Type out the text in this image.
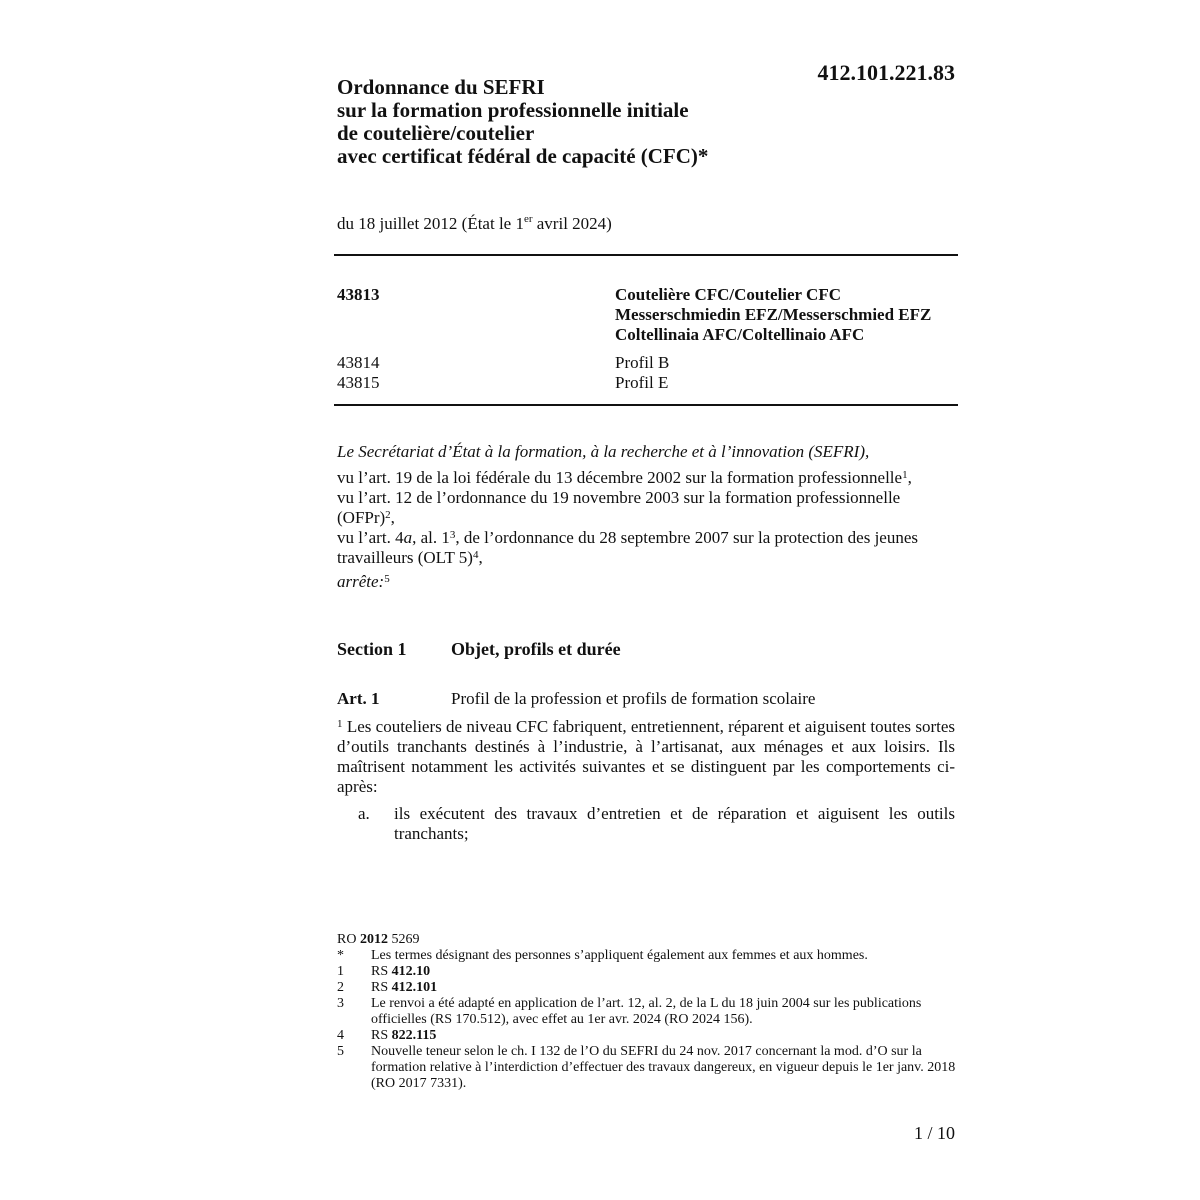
412.101.221.83
Ordonnance du SEFRI
sur la formation professionnelle initiale
de coutelière/coutelier
avec certificat fédéral de capacité (CFC)*
du 18 juillet 2012 (État le 1er avril 2024)
43813	Coutelière CFC/Coutelier CFC
Messerschmiedin EFZ/Messerschmied EFZ
Coltellinaia AFC/Coltellinaio AFC
43814	Profil B
43815	Profil E

Le Secrétariat d’État à la formation, à la recherche et à l’innovation (SEFRI),

vu l’art. 19 de la loi fédérale du 13 décembre 2002 sur la formation professionnelle$^1$,

vu l’art. 12 de l’ordonnance du 19 novembre 2003 sur la formation professionnelle (OFPr)$^2$,

vu l’art. 4a, al. 1$^3$, de l’ordonnance du 28 septembre 2007 sur la protection des jeunes travailleurs (OLT 5)$^4$,

arrête:$^5$

Section 1 Objet, profils et durée
Art. 1	Profil de la profession et profils de formation scolaire
$^1$ Les couteliers de niveau CFC fabriquent, entretiennent, réparent et aiguisent toutes sortes d’outils tranchants destinés à l’industrie, à l’artisanat, aux ménages et aux loisirs. Ils maîtrisent notamment les activités suivantes et se distinguent par les comportements ci-après:
a.	ils exécutent des travaux d’entretien et de réparation et aiguisent les outils tranchants;
RO 2012 5269
*	Les termes désignant des personnes s’appliquent également aux femmes et aux hommes.
1	RS 412.10
2	RS 412.101
3	Le renvoi a été adapté en application de l’art. 12, al. 2, de la L du 18 juin 2004 sur les publications officielles (RS 170.512), avec effet au 1er avr. 2024 (RO 2024 156).
4	RS 822.115
5	Nouvelle teneur selon le ch. I 132 de l’O du SEFRI du 24 nov. 2017 concernant la mod. d’O sur la formation relative à l’interdiction d’effectuer des travaux dangereux, en vigueur depuis le 1er janv. 2018 (RO 2017 7331).
1 / 10
